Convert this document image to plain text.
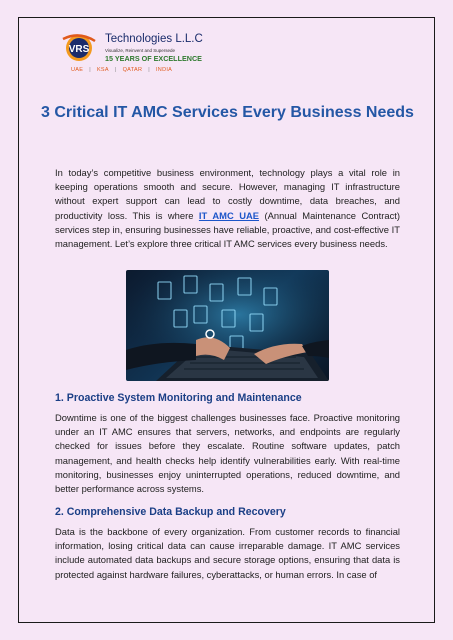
VRS
Technologies L.L.C
Visualize, Reinvent and Supersede
15 YEARS OF EXCELLENCE
UAE | KSA | QATAR | INDIA
3 Critical IT AMC Services Every Business Needs

In today’s competitive business environment, technology plays a vital role in keeping operations smooth and secure. However, managing IT infrastructure without expert support can lead to costly downtime, data breaches, and productivity loss. This is where IT AMC UAE (Annual Maintenance Contract) services step in, ensuring businesses have reliable, proactive, and cost-effective IT management. Let’s explore three critical IT AMC services every business needs.

1. Proactive System Monitoring and Maintenance

Downtime is one of the biggest challenges businesses face. Proactive monitoring under an IT AMC ensures that servers, networks, and endpoints are regularly checked for issues before they escalate. Routine software updates, patch management, and health checks help identify vulnerabilities early. With real-time monitoring, businesses enjoy uninterrupted operations, reduced downtime, and better performance across systems.

2. Comprehensive Data Backup and Recovery

Data is the backbone of every organization. From customer records to financial information, losing critical data can cause irreparable damage. IT AMC services include automated data backups and secure storage options, ensuring that data is protected against hardware failures, cyberattacks, or human errors. In case of
